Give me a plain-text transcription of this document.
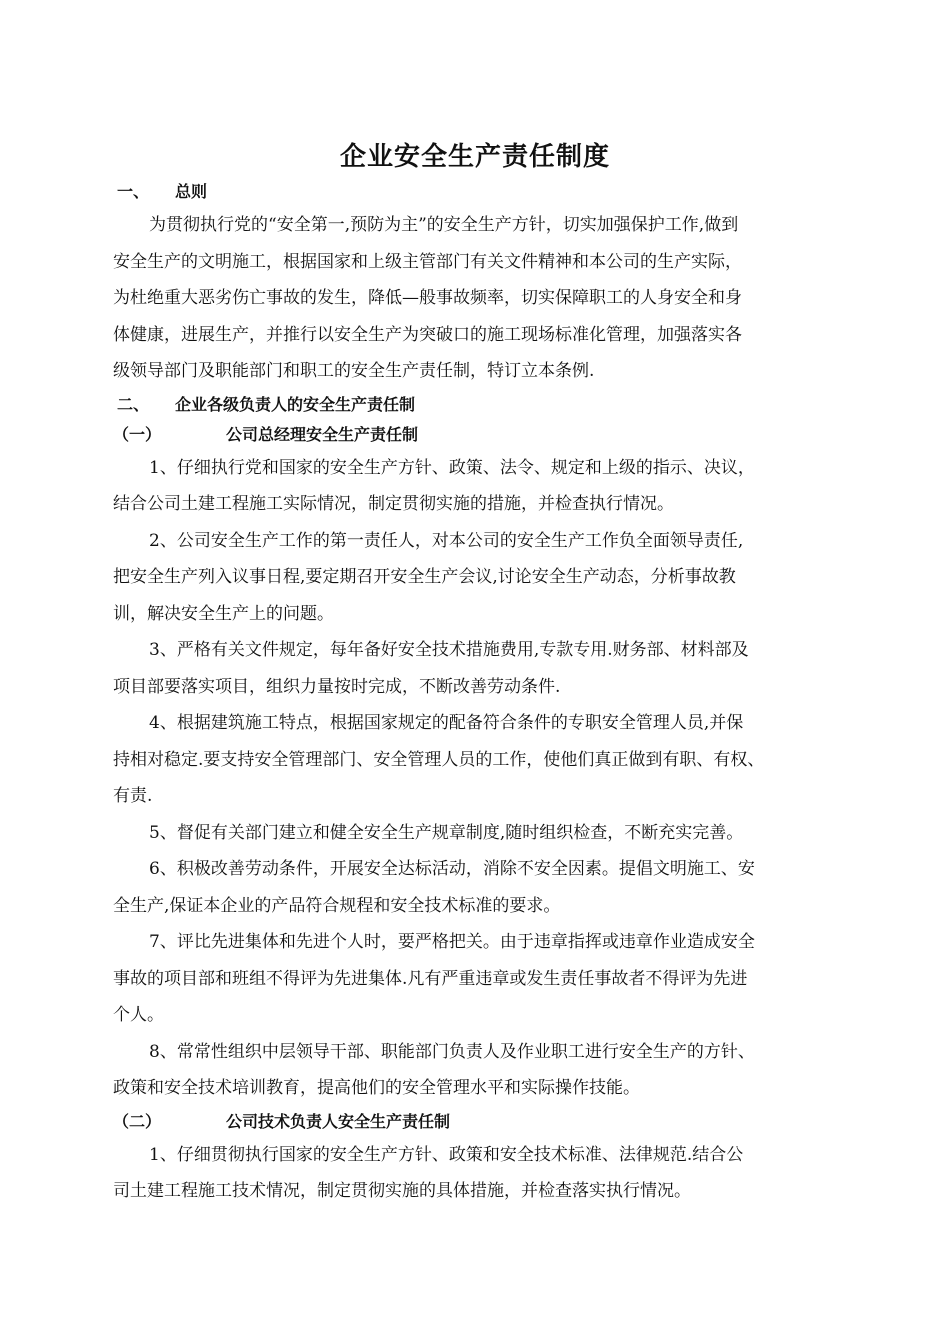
企业安全生产责任制度
一、 总则

为贯彻执行党的“安全第一,预防为主”的安全生产方针，切实加强保护工作,做到
安全生产的文明施工，根据国家和上级主管部门有关文件精神和本公司的生产实际，
为杜绝重大恶劣伤亡事故的发生，降低—般事故频率，切实保障职工的人身安全和身
体健康，进展生产，并推行以安全生产为突破口的施工现场标准化管理，加强落实各
级领导部门及职能部门和职工的安全生产责任制，特订立本条例.

二、 企业各级负责人的安全生产责任制
（一）	公司总经理安全生产责任制

1、仔细执行党和国家的安全生产方针、政策、法令、规定和上级的指示、决议，
结合公司土建工程施工实际情况，制定贯彻实施的措施，并检查执行情况。

2、公司安全生产工作的第一责任人，对本公司的安全生产工作负全面领导责任,
把安全生产列入议事日程,要定期召开安全生产会议,讨论安全生产动态，分析事故教
训，解决安全生产上的问题。

3、严格有关文件规定，每年备好安全技术措施费用,专款专用.财务部、材料部及
项目部要落实项目，组织力量按时完成，不断改善劳动条件.

4、根据建筑施工特点，根据国家规定的配备符合条件的专职安全管理人员,并保
持相对稳定.要支持安全管理部门、安全管理人员的工作，使他们真正做到有职、有权、
有责.

5、督促有关部门建立和健全安全生产规章制度,随时组织检查，不断充实完善。

6、积极改善劳动条件，开展安全达标活动，消除不安全因素。提倡文明施工、安
全生产,保证本企业的产品符合规程和安全技术标准的要求。

7、评比先进集体和先进个人时，要严格把关。由于违章指挥或违章作业造成安全
事故的项目部和班组不得评为先进集体.凡有严重违章或发生责任事故者不得评为先进
个人。

8、常常性组织中层领导干部、职能部门负责人及作业职工进行安全生产的方针、
政策和安全技术培训教育，提高他们的安全管理水平和实际操作技能。

（二）	公司技术负责人安全生产责任制

1、仔细贯彻执行国家的安全生产方针、政策和安全技术标准、法律规范.结合公
司土建工程施工技术情况，制定贯彻实施的具体措施，并检查落实执行情况。
